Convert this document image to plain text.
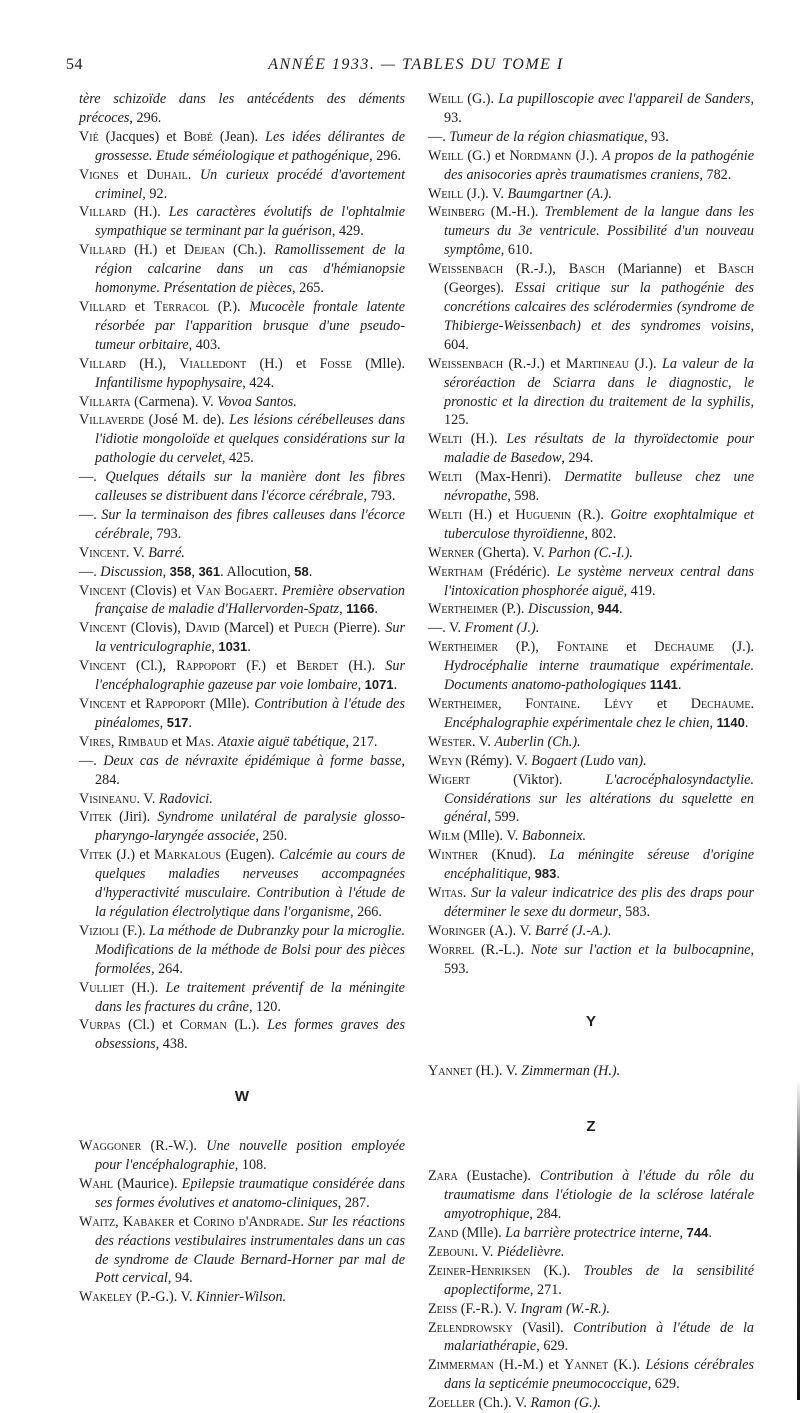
54	ANNÉE 1933. — TABLES DU TOME I

tère schizoïde dans les antécédents des déments précoces, 296.

Vié (Jacques) et Bobé (Jean). Les idées délirantes de grossesse. Etude séméiologique et pathogénique, 296.

Vignes et Duhail. Un curieux procédé d'avortement criminel, 92.

Villard (H.). Les caractères évolutifs de l'ophtalmie sympathique se terminant par la guérison, 429.

Villard (H.) et Dejean (Ch.). Ramollissement de la région calcarine dans un cas d'hémianopsie homonyme. Présentation de pièces, 265.

Villard et Terracol (P.). Mucocèle frontale latente résorbée par l'apparition brusque d'une pseudo-tumeur orbitaire, 403.

Villard (H.), Vialledont (H.) et Fosse (Mlle). Infantilisme hypophysaire, 424.

Villarta (Carmena). V. Vovoa Santos.

Villaverde (José M. de). Les lésions cérébelleuses dans l'idiotie mongoloïde et quelques considérations sur la pathologie du cervelet, 425.

—. Quelques détails sur la manière dont les fibres calleuses se distribuent dans l'écorce cérébrale, 793.

—. Sur la terminaison des fibres calleuses dans l'écorce cérébrale, 793.

Vincent. V. Barré.

—. Discussion, 358, 361. Allocution, 58.

Vincent (Clovis) et Van Bogaert. Première observation française de maladie d'Hallervorden-Spatz, 1166.

Vincent (Clovis), David (Marcel) et Puech (Pierre). Sur la ventriculographie, 1031.

Vincent (Cl.), Rappoport (F.) et Berdet (H.). Sur l'encéphalographie gazeuse par voie lombaire, 1071.

Vincent et Rappoport (Mlle). Contribution à l'étude des pinéalomes, 517.

Vires, Rimbaud et Mas. Ataxie aiguë tabétique, 217.

—. Deux cas de névraxite épidémique à forme basse, 284.

Visineanu. V. Radovici.

Vitek (Jiri). Syndrome unilatéral de paralysie glosso-pharyngo-laryngée associée, 250.

Vitek (J.) et Markalous (Eugen). Calcémie au cours de quelques maladies nerveuses accompagnées d'hyperactivité musculaire. Contribution à l'étude de la régulation électrolytique dans l'organisme, 266.

Vizioli (F.). La méthode de Dubranzky pour la microglie. Modifications de la méthode de Bolsi pour des pièces formolées, 264.

Vulliet (H.). Le traitement préventif de la méningite dans les fractures du crâne, 120.

Vurpas (Cl.) et Corman (L.). Les formes graves des obsessions, 438.

W

Waggoner (R.-W.). Une nouvelle position employée pour l'encéphalographie, 108.

Wahl (Maurice). Epilepsie traumatique considérée dans ses formes évolutives et anatomo-cliniques, 287.

Waitz, Kabaker et Corino d'Andrade. Sur les réactions des réactions vestibulaires instrumentales dans un cas de syndrome de Claude Bernard-Horner par mal de Pott cervical, 94.

Wakeley (P.-G.). V. Kinnier-Wilson.

Weill (G.). La pupilloscopie avec l'appareil de Sanders, 93.

—. Tumeur de la région chiasmatique, 93.

Weill (G.) et Nordmann (J.). A propos de la pathogénie des anisocories après traumatismes craniens, 782.

Weill (J.). V. Baumgartner (A.).

Weinberg (M.-H.). Tremblement de la langue dans les tumeurs du 3e ventricule. Possibilité d'un nouveau symptôme, 610.

Weissenbach (R.-J.), Basch (Marianne) et Basch (Georges). Essai critique sur la pathogénie des concrétions calcaires des sclérodermies (syndrome de Thibierge-Weissenbach) et des syndromes voisins, 604.

Weissenbach (R.-J.) et Martineau (J.). La valeur de la séroréaction de Sciarra dans le diagnostic, le pronostic et la direction du traitement de la syphilis, 125.

Welti (H.). Les résultats de la thyroïdectomie pour maladie de Basedow, 294.

Welti (Max-Henri). Dermatite bulleuse chez une névropathe, 598.

Welti (H.) et Huguenin (R.). Goitre exophtalmique et tuberculose thyroïdienne, 802.

Werner (Gherta). V. Parhon (C.-I.).

Wertham (Frédéric). Le système nerveux central dans l'intoxication phosphorée aiguë, 419.

Wertheimer (P.). Discussion, 944.

—. V. Froment (J.).

Wertheimer (P.), Fontaine et Dechaume (J.). Hydrocéphalie interne traumatique expérimentale. Documents anatomo-pathologiques 1141.

Wertheimer, Fontaine. Lévy et Dechaume. Encéphalographie expérimentale chez le chien, 1140.

Wester. V. Auberlin (Ch.).

Weyn (Rémy). V. Bogaert (Ludo van).

Wigert (Viktor). L'acrocéphalosyndactylie. Considérations sur les altérations du squelette en général, 599.

Wilm (Mlle). V. Babonneix.

Winther (Knud). La méningite séreuse d'origine encéphalitique, 983.

Witas. Sur la valeur indicatrice des plis des draps pour déterminer le sexe du dormeur, 583.

Woringer (A.). V. Barré (J.-A.).

Worrel (R.-L.). Note sur l'action et la bulbocapnine, 593.

Y

Yannet (H.). V. Zimmerman (H.).

Z

Zara (Eustache). Contribution à l'étude du rôle du traumatisme dans l'étiologie de la sclérose latérale amyotrophique, 284.

Zand (Mlle). La barrière protectrice interne, 744.

Zebouni. V. Piédelièvre.

Zeiner-Henriksen (K.). Troubles de la sensibilité apoplectiforme, 271.

Zeiss (F.-R.). V. Ingram (W.-R.).

Zelendrowsky (Vasil). Contribution à l'étude de la malariathérapie, 629.

Zimmerman (H.-M.) et Yannet (K.). Lésions cérébrales dans la septicémie pneumococcique, 629.

Zoeller (Ch.). V. Ramon (G.).
